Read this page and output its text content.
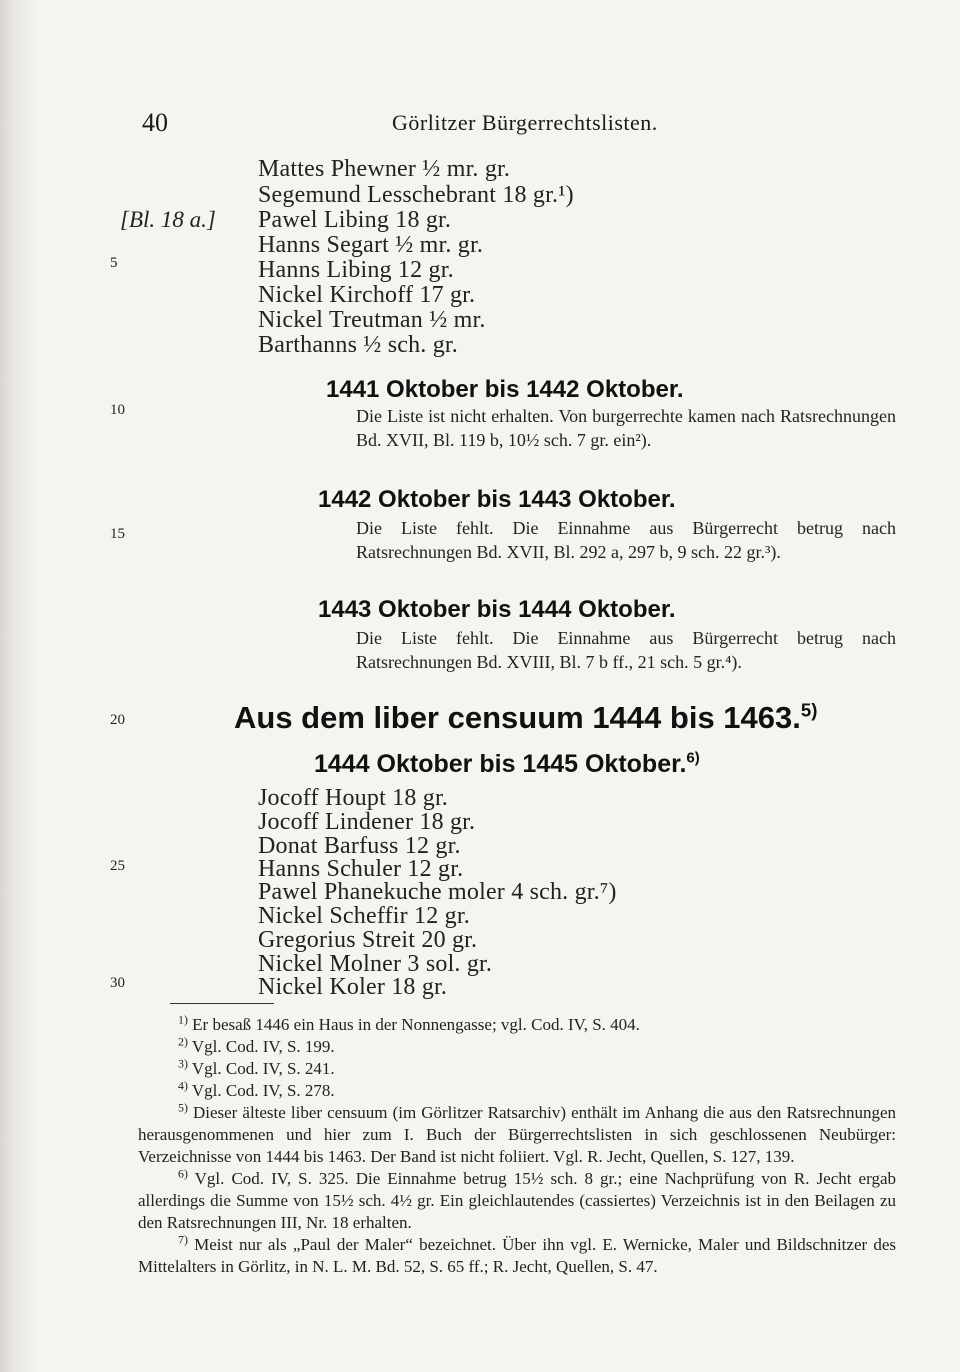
40	Görlitzer Bürgerrechtslisten.
5
10
15
20
25
30
[Bl. 18 a.]
Mattes Phewner ½ mr. gr.
Segemund Lesschebrant 18 gr.¹)
Pawel Libing 18 gr.
Hanns Segart ½ mr. gr.
Hanns Libing 12 gr.
Nickel Kirchoff 17 gr.
Nickel Treutman ½ mr.
Barthanns ½ sch. gr.
1441 Oktober bis 1442 Oktober.
Die Liste ist nicht erhalten. Von burgerrechte kamen nach Ratsrechnungen Bd. XVII, Bl. 119 b, 10½ sch. 7 gr. ein²).
1442 Oktober bis 1443 Oktober.
Die Liste fehlt. Die Einnahme aus Bürgerrecht betrug nach Ratsrechnungen Bd. XVII, Bl. 292 a, 297 b, 9 sch. 22 gr.³).
1443 Oktober bis 1444 Oktober.
Die Liste fehlt. Die Einnahme aus Bürgerrecht betrug nach Ratsrechnungen Bd. XVIII, Bl. 7 b ff., 21 sch. 5 gr.⁴).
Aus dem liber censuum 1444 bis 1463.$^{5)}$
1444 Oktober bis 1445 Oktober.$^{6)}$
Jocoff Houpt 18 gr.
Jocoff Lindener 18 gr.
Donat Barfuss 12 gr.
Hanns Schuler 12 gr.
Pawel Phanekuche moler 4 sch. gr.⁷)
Nickel Scheffir 12 gr.
Gregorius Streit 20 gr.
Nickel Molner 3 sol. gr.
Nickel Koler 18 gr.
$^{1)}$ Er besaß 1446 ein Haus in der Nonnengasse; vgl. Cod. IV, S. 404.
$^{2)}$ Vgl. Cod. IV, S. 199.
$^{3)}$ Vgl. Cod. IV, S. 241.
$^{4)}$ Vgl. Cod. IV, S. 278.
$^{5)}$ Dieser älteste liber censuum (im Görlitzer Ratsarchiv) enthält im Anhang die aus den Ratsrechnungen herausgenommenen und hier zum I. Buch der Bürgerrechtslisten in sich geschlossenen Neubürger: Verzeichnisse von 1444 bis 1463. Der Band ist nicht foliiert. Vgl. R. Jecht, Quellen, S. 127, 139.
$^{6)}$ Vgl. Cod. IV, S. 325. Die Einnahme betrug 15½ sch. 8 gr.; eine Nachprüfung von R. Jecht ergab allerdings die Summe von 15½ sch. 4½ gr. Ein gleichlautendes (cassiertes) Verzeichnis ist in den Beilagen zu den Ratsrechnungen III, Nr. 18 erhalten.
$^{7)}$ Meist nur als „Paul der Maler“ bezeichnet. Über ihn vgl. E. Wernicke, Maler und Bildschnitzer des Mittelalters in Görlitz, in N. L. M. Bd. 52, S. 65 ff.; R. Jecht, Quellen, S. 47.
